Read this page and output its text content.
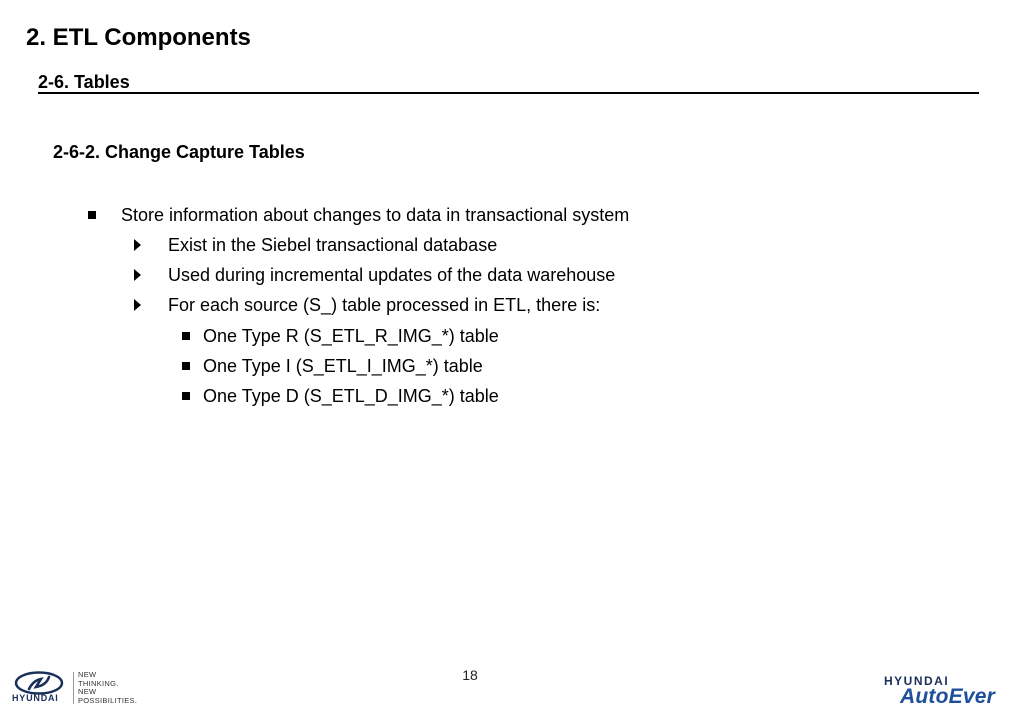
2. ETL Components
2-6. Tables
2-6-2. Change Capture Tables
Store information about changes to data in transactional system
Exist in the Siebel transactional database
Used during incremental updates of the data warehouse
For each source (S_) table processed in ETL, there is:
One Type R (S_ETL_R_IMG_*) table
One Type I (S_ETL_I_IMG_*) table
One Type D (S_ETL_D_IMG_*) table
18
HYUNDAI
NEW
THINKING.
NEW
POSSIBILITIES.
HYUNDAI
AutoEver
